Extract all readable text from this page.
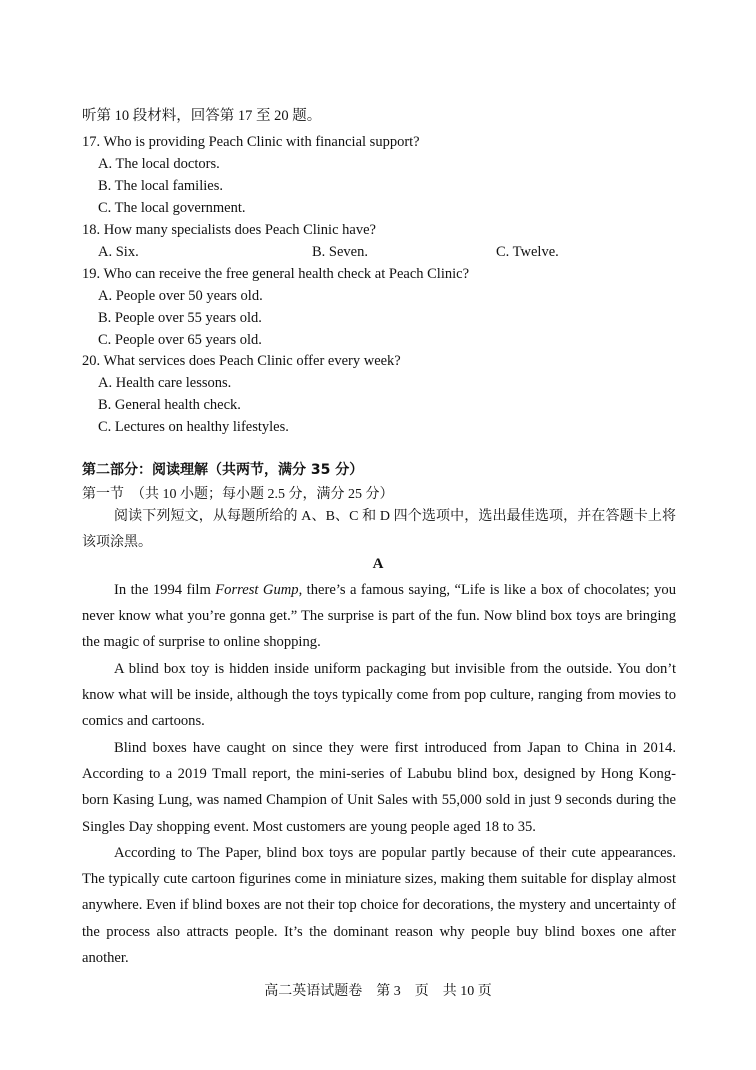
听第 10 段材料，回答第 17 至 20 题。
17. Who is providing Peach Clinic with financial support?
A. The local doctors.
B. The local families.
C. The local government.
18. How many specialists does Peach Clinic have?
A. Six.	B. Seven.	C. Twelve.
19. Who can receive the free general health check at Peach Clinic?
A. People over 50 years old.
B. People over 55 years old.
C. People over 65 years old.
20. What services does Peach Clinic offer every week?
A. Health care lessons.
B. General health check.
C. Lectures on healthy lifestyles.
第二部分：阅读理解（共两节，满分 35 分）
第一节　（共 10 小题；每小题 2.5 分，满分 25 分）
阅读下列短文，从每题所给的 A、B、C 和 D 四个选项中，选出最佳选项，并在答题卡上将该项涂黑。
A
In the 1994 film Forrest Gump, there’s a famous saying, “Life is like a box of chocolates; you never know what you’re gonna get.” The surprise is part of the fun. Now blind box toys are bringing the magic of surprise to online shopping.
A blind box toy is hidden inside uniform packaging but invisible from the outside. You don’t know what will be inside, although the toys typically come from pop culture, ranging from movies to comics and cartoons.
Blind boxes have caught on since they were first introduced from Japan to China in 2014. According to a 2019 Tmall report, the mini-series of Labubu blind box, designed by Hong Kong-born Kasing Lung, was named Champion of Unit Sales with 55,000 sold in just 9 seconds during the Singles Day shopping event. Most customers are young people aged 18 to 35.
According to The Paper, blind box toys are popular partly because of their cute appearances. The typically cute cartoon figurines come in miniature sizes, making them suitable for display almost anywhere. Even if blind boxes are not their top choice for decorations, the mystery and uncertainty of the process also attracts people. It’s the dominant reason why people buy blind boxes one after another.
高二英语试题卷　第 3　页　共 10 页
